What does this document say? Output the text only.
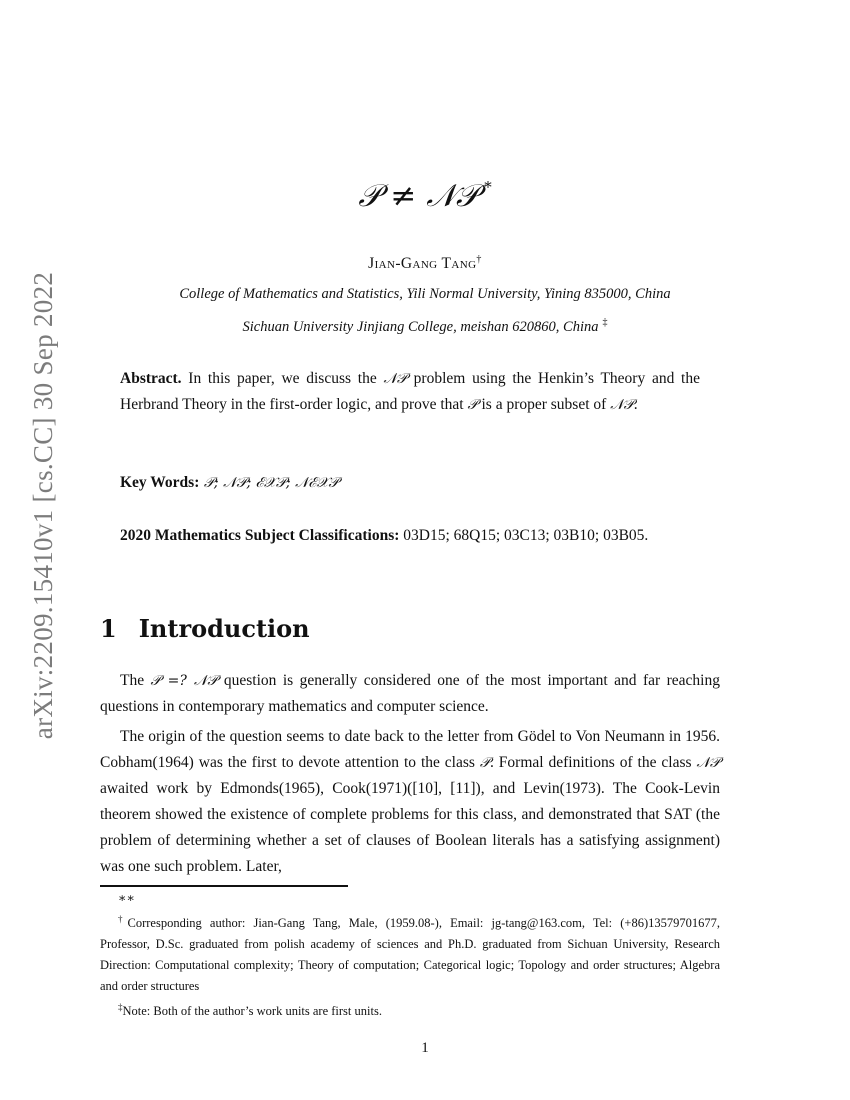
arXiv:2209.15410v1 [cs.CC] 30 Sep 2022
𝒫 ≠ 𝒩𝒫 *
Jian-Gang Tang†
College of Mathematics and Statistics, Yili Normal University, Yining 835000, China
Sichuan University Jinjiang College, meishan 620860, China ‡
Abstract. In this paper, we discuss the 𝒩𝒫 problem using the Henkin’s Theory and the Herbrand Theory in the first-order logic, and prove that 𝒫 is a proper subset of 𝒩𝒫.
Key Words: 𝒫; 𝒩𝒫; ℰ𝒳𝒫; 𝒩ℰ𝒳𝒫
2020 Mathematics Subject Classifications: 03D15; 68Q15; 03C13; 03B10; 03B05.
1 Introduction
The 𝒫 =? 𝒩𝒫 question is generally considered one of the most important and far reaching questions in contemporary mathematics and computer science.
The origin of the question seems to date back to the letter from Gödel to Von Neumann in 1956. Cobham(1964) was the first to devote attention to the class 𝒫. Formal definitions of the class 𝒩𝒫 awaited work by Edmonds(1965), Cook(1971)([10], [11]), and Levin(1973). The Cook-Levin theorem showed the existence of complete problems for this class, and demonstrated that SAT (the problem of determining whether a set of clauses of Boolean literals has a satisfying assignment) was one such problem. Later,
∗∗
†Corresponding author: Jian-Gang Tang, Male, (1959.08-), Email: jg-tang@163.com, Tel: (+86)13579701677, Professor, D.Sc. graduated from polish academy of sciences and Ph.D. graduated from Sichuan University, Research Direction: Computational complexity; Theory of computation; Categorical logic; Topology and order structures; Algebra and order structures
‡Note: Both of the author’s work units are first units.
1
